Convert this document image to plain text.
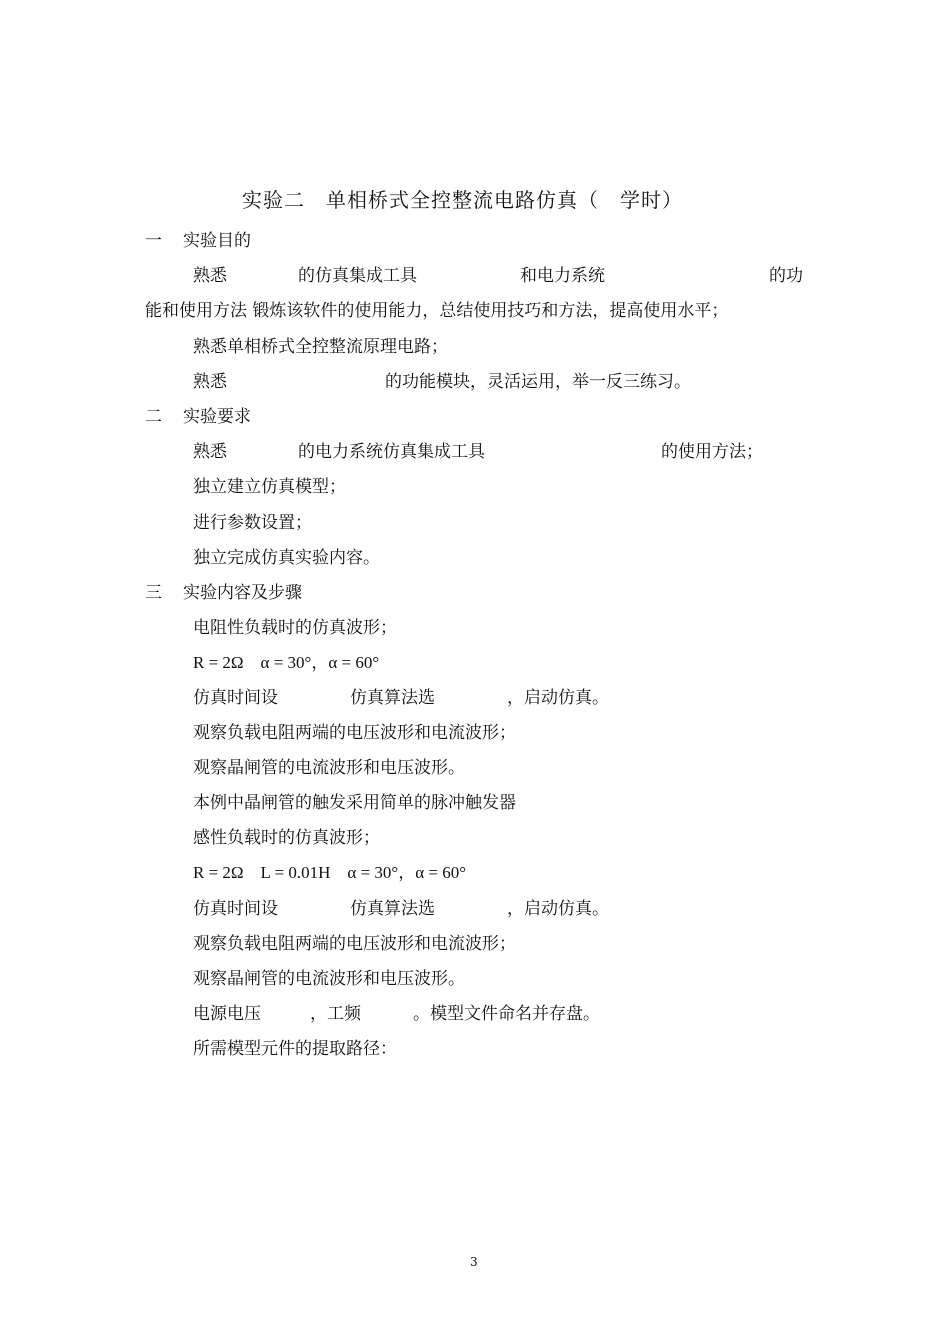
实验二　单相桥式全控整流电路仿真（　学时）
一 实验目的
熟悉	的仿真集成工具	和电力系统	的功
能和使用方法 锻炼该软件的使用能力，总结使用技巧和方法，提高使用水平；
熟悉单相桥式全控整流原理电路；
熟悉	的功能模块，灵活运用，举一反三练习。
二 实验要求
熟悉	的电力系统仿真集成工具	的使用方法；
独立建立仿真模型；
进行参数设置；
独立完成仿真实验内容。
三 实验内容及步骤
电阻性负载时的仿真波形；
R = 2Ω　α = 30°，α = 60°
仿真时间设	仿真算法选	，启动仿真。
观察负载电阻两端的电压波形和电流波形；
观察晶闸管的电流波形和电压波形。
本例中晶闸管的触发采用简单的脉冲触发器
感性负载时的仿真波形；
R = 2Ω　L = 0.01H　α = 30°，α = 60°
仿真时间设	仿真算法选	，启动仿真。
观察负载电阻两端的电压波形和电流波形；
观察晶闸管的电流波形和电压波形。
电源电压	，工频	。模型文件命名并存盘。
所需模型元件的提取路径：
3
